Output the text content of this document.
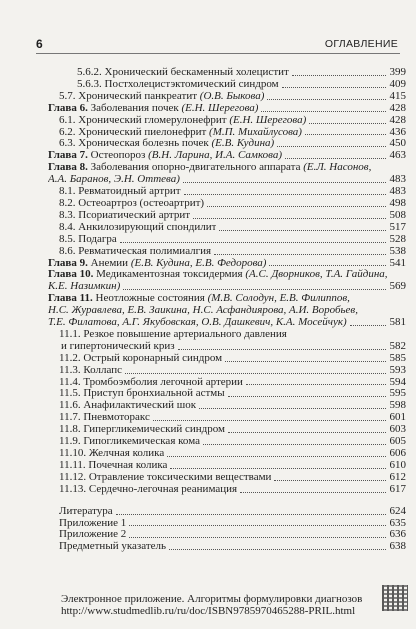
6	ОГЛАВЛЕНИЕ
5.6.2. Хронический бескаменный холецистит	399
5.6.3. Постхолецистэктомический синдром	409
5.7. Хронический панкреатит (О.В. Быкова)	415
Глава 6. Заболевания почек (Е.Н. Шерегова)	428
6.1. Хронический гломерулонефрит (Е.Н. Шерегова)	428
6.2. Хронический пиелонефрит (М.П. Михайлусова)	436
6.3. Хроническая болезнь почек (Е.В. Кудина)	450
Глава 7. Остеопороз (В.Н. Ларина, И.А. Самкова)	463
Глава 8. Заболевания опорно-двигательного аппарата (Е.Л. Насонов,
А.А. Баранов, Э.Н. Оттева)	483
8.1. Ревматоидный артрит	483
8.2. Остеоартроз (остеоартрит)	498
8.3. Псориатический артрит	508
8.4. Анкилозирующий спондилит	517
8.5. Подагра	528
8.6. Ревматическая полимиалгия	538
Глава 9. Анемии (Е.В. Кудина, Е.В. Федорова)	541
Глава 10. Медикаментозная токсидермия (А.С. Дворников, Т.А. Гайдина,
К.Е. Назимкин)	569
Глава 11. Неотложные состояния (М.В. Солодун, Е.В. Филиппов,
Н.С. Журавлева, Е.В. Заикина, Н.С. Асфандиярова, А.И. Воробьев,
Т.Е. Филатова, А.Г. Якубовская, О.В. Дашкевич, К.А. Мосейчук)	581
11.1. Резкое повышение артериального давления
и гипертонический криз	582
11.2. Острый коронарный синдром	585
11.3. Коллапс	593
11.4. Тромбоэмболия легочной артерии	594
11.5. Приступ бронхиальной астмы	595
11.6. Анафилактический шок	598
11.7. Пневмоторакс	601
11.8. Гипергликемический синдром	603
11.9. Гипогликемическая кома	605
11.10. Желчная колика	606
11.11. Почечная колика	610
11.12. Отравление токсическими веществами	612
11.13. Сердечно-легочная реанимация	617
Литература	624
Приложение 1	635
Приложение 2	636
Предметный указатель	638
Электронное приложение. Алгоритмы формулировки диагнозов
http://www.studmedlib.ru/ru/doc/ISBN9785970465288-PRIL.html
